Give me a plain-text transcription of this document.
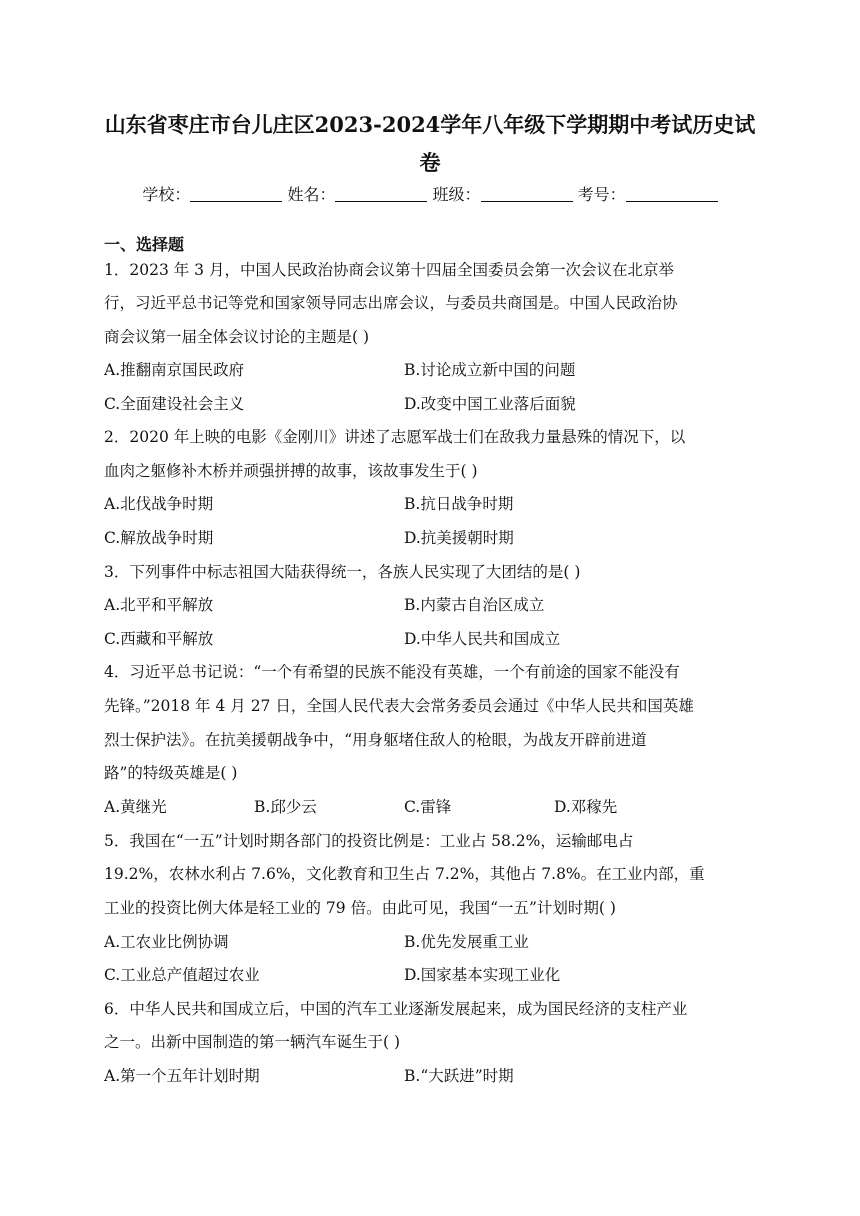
山东省枣庄市台儿庄区2023-2024学年八年级下学期期中考试历史试
卷
学校：	姓名：	班级：	考号：
一、选择题
1．2023 年 3 月，中国人民政治协商会议第十四届全国委员会第一次会议在北京举
行，习近平总书记等党和国家领导同志出席会议，与委员共商国是。中国人民政治协
商会议第一届全体会议讨论的主题是( )
A.推翻南京国民政府	B.讨论成立新中国的问题
C.全面建设社会主义	D.改变中国工业落后面貌
2．2020 年上映的电影《金刚川》讲述了志愿军战士们在敌我力量悬殊的情况下，以
血肉之躯修补木桥并顽强拼搏的故事，该故事发生于( )
A.北伐战争时期	B.抗日战争时期
C.解放战争时期	D.抗美援朝时期
3．下列事件中标志祖国大陆获得统一，各族人民实现了大团结的是( )
A.北平和平解放	B.内蒙古自治区成立
C.西藏和平解放	D.中华人民共和国成立
4．习近平总书记说：“一个有希望的民族不能没有英雄，一个有前途的国家不能没有
先锋。”2018 年 4 月 27 日，全国人民代表大会常务委员会通过《中华人民共和国英雄
烈士保护法》。在抗美援朝战争中，“用身躯堵住敌人的枪眼，为战友开辟前进道
路”的特级英雄是( )
A.黄继光	B.邱少云	C.雷锋	D.邓稼先
5．我国在“一五”计划时期各部门的投资比例是：工业占 58.2%，运输邮电占
19.2%，农林水利占 7.6%，文化教育和卫生占 7.2%，其他占 7.8%。在工业内部，重
工业的投资比例大体是轻工业的 79 倍。由此可见，我国“一五”计划时期( )
A.工农业比例协调	B.优先发展重工业
C.工业总产值超过农业	D.国家基本实现工业化
6．中华人民共和国成立后，中国的汽车工业逐渐发展起来，成为国民经济的支柱产业
之一。出新中国制造的第一辆汽车诞生于( )
A.第一个五年计划时期	B.“大跃进”时期
